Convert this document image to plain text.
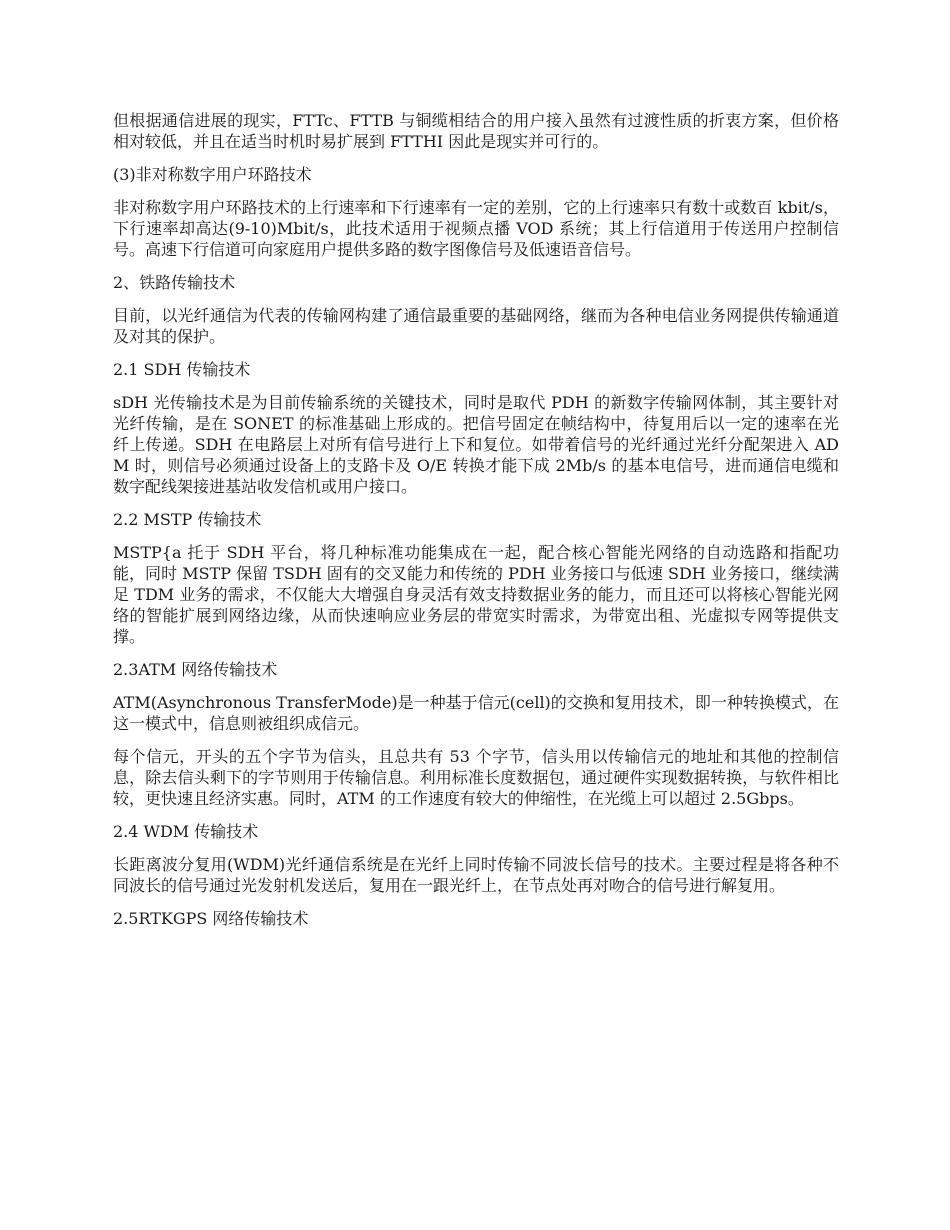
但根据通信进展的现实，FTTc、FTTB 与铜缆相结合的用户接入虽然有过渡性质的折衷方案，但价格相对较低，并且在适当时机时易扩展到 FTTHI 因此是现实并可行的。

(3)非对称数字用户环路技术

非对称数字用户环路技术的上行速率和下行速率有一定的差别，它的上行速率只有数十或数百 kbit/s，下行速率却高达(9-10)Mbit/s，此技术适用于视频点播 VOD 系统；其上行信道用于传送用户控制信号。高速下行信道可向家庭用户提供多路的数字图像信号及低速语音信号。

2、铁路传输技术

目前，以光纤通信为代表的传输网构建了通信最重要的基础网络，继而为各种电信业务网提供传输通道及对其的保护。

2.1 SDH 传输技术

sDH 光传输技术是为目前传输系统的关键技术，同时是取代 PDH 的新数字传输网体制，其主要针对光纤传输，是在 SONET 的标准基础上形成的。把信号固定在帧结构中，待复用后以一定的速率在光纤上传递。SDH 在电路层上对所有信号进行上下和复位。如带着信号的光纤通过光纤分配架进入 ADM 时，则信号必须通过设备上的支路卡及 O/E 转换才能下成 2Mb/s 的基本电信号，进而通信电缆和数字配线架接进基站收发信机或用户接口。

2.2 MSTP 传输技术

MSTP{a 托于 SDH 平台，将几种标准功能集成在一起，配合核心智能光网络的自动选路和指配功能，同时 MSTP 保留 TSDH 固有的交叉能力和传统的 PDH 业务接口与低速 SDH 业务接口，继续满足 TDM 业务的需求，不仅能大大增强自身灵活有效支持数据业务的能力，而且还可以将核心智能光网络的智能扩展到网络边缘，从而快速响应业务层的带宽实时需求，为带宽出租、光虚拟专网等提供支撑。

2.3ATM 网络传输技术

ATM(Asynchronous TransferMode)是一种基于信元(cell)的交换和复用技术，即一种转换模式，在这一模式中，信息则被组织成信元。

每个信元，开头的五个字节为信头，且总共有 53 个字节，信头用以传输信元的地址和其他的控制信息，除去信头剩下的字节则用于传输信息。利用标准长度数据包，通过硬件实现数据转换，与软件相比较，更快速且经济实惠。同时，ATM 的工作速度有较大的伸缩性，在光缆上可以超过 2.5Gbps。

2.4 WDM 传输技术

长距离波分复用(WDM)光纤通信系统是在光纤上同时传输不同波长信号的技术。主要过程是将各种不同波长的信号通过光发射机发送后，复用在一跟光纤上，在节点处再对吻合的信号进行解复用。

2.5RTKGPS 网络传输技术
